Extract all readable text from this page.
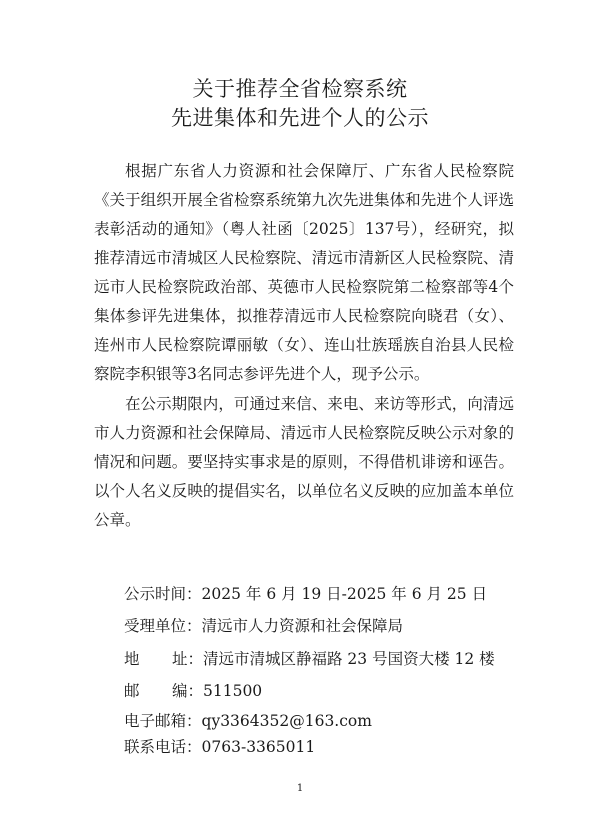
关于推荐全省检察系统
先进集体和先进个人的公示

根据广东省人力资源和社会保障厅、广东省人民检察院《关于组织开展全省检察系统第九次先进集体和先进个人评选表彰活动的通知》（粤人社函〔2025〕137号），经研究，拟推荐清远市清城区人民检察院、清远市清新区人民检察院、清远市人民检察院政治部、英德市人民检察院第二检察部等4个集体参评先进集体，拟推荐清远市人民检察院向晓君（女）、连州市人民检察院谭丽敏（女）、连山壮族瑶族自治县人民检察院李积银等3名同志参评先进个人，现予公示。

在公示期限内，可通过来信、来电、来访等形式，向清远市人力资源和社会保障局、清远市人民检察院反映公示对象的情况和问题。要坚持实事求是的原则，不得借机诽谤和诬告。以个人名义反映的提倡实名，以单位名义反映的应加盖本单位公章。

公示时间：2025 年 6 月 19 日-2025 年 6 月 25 日
受理单位：清远市人力资源和社会保障局
地 址：清远市清城区静福路 23 号国资大楼 12 楼
邮 编：511500
电子邮箱：qy3364352@163.com
联系电话：0763-3365011
1
